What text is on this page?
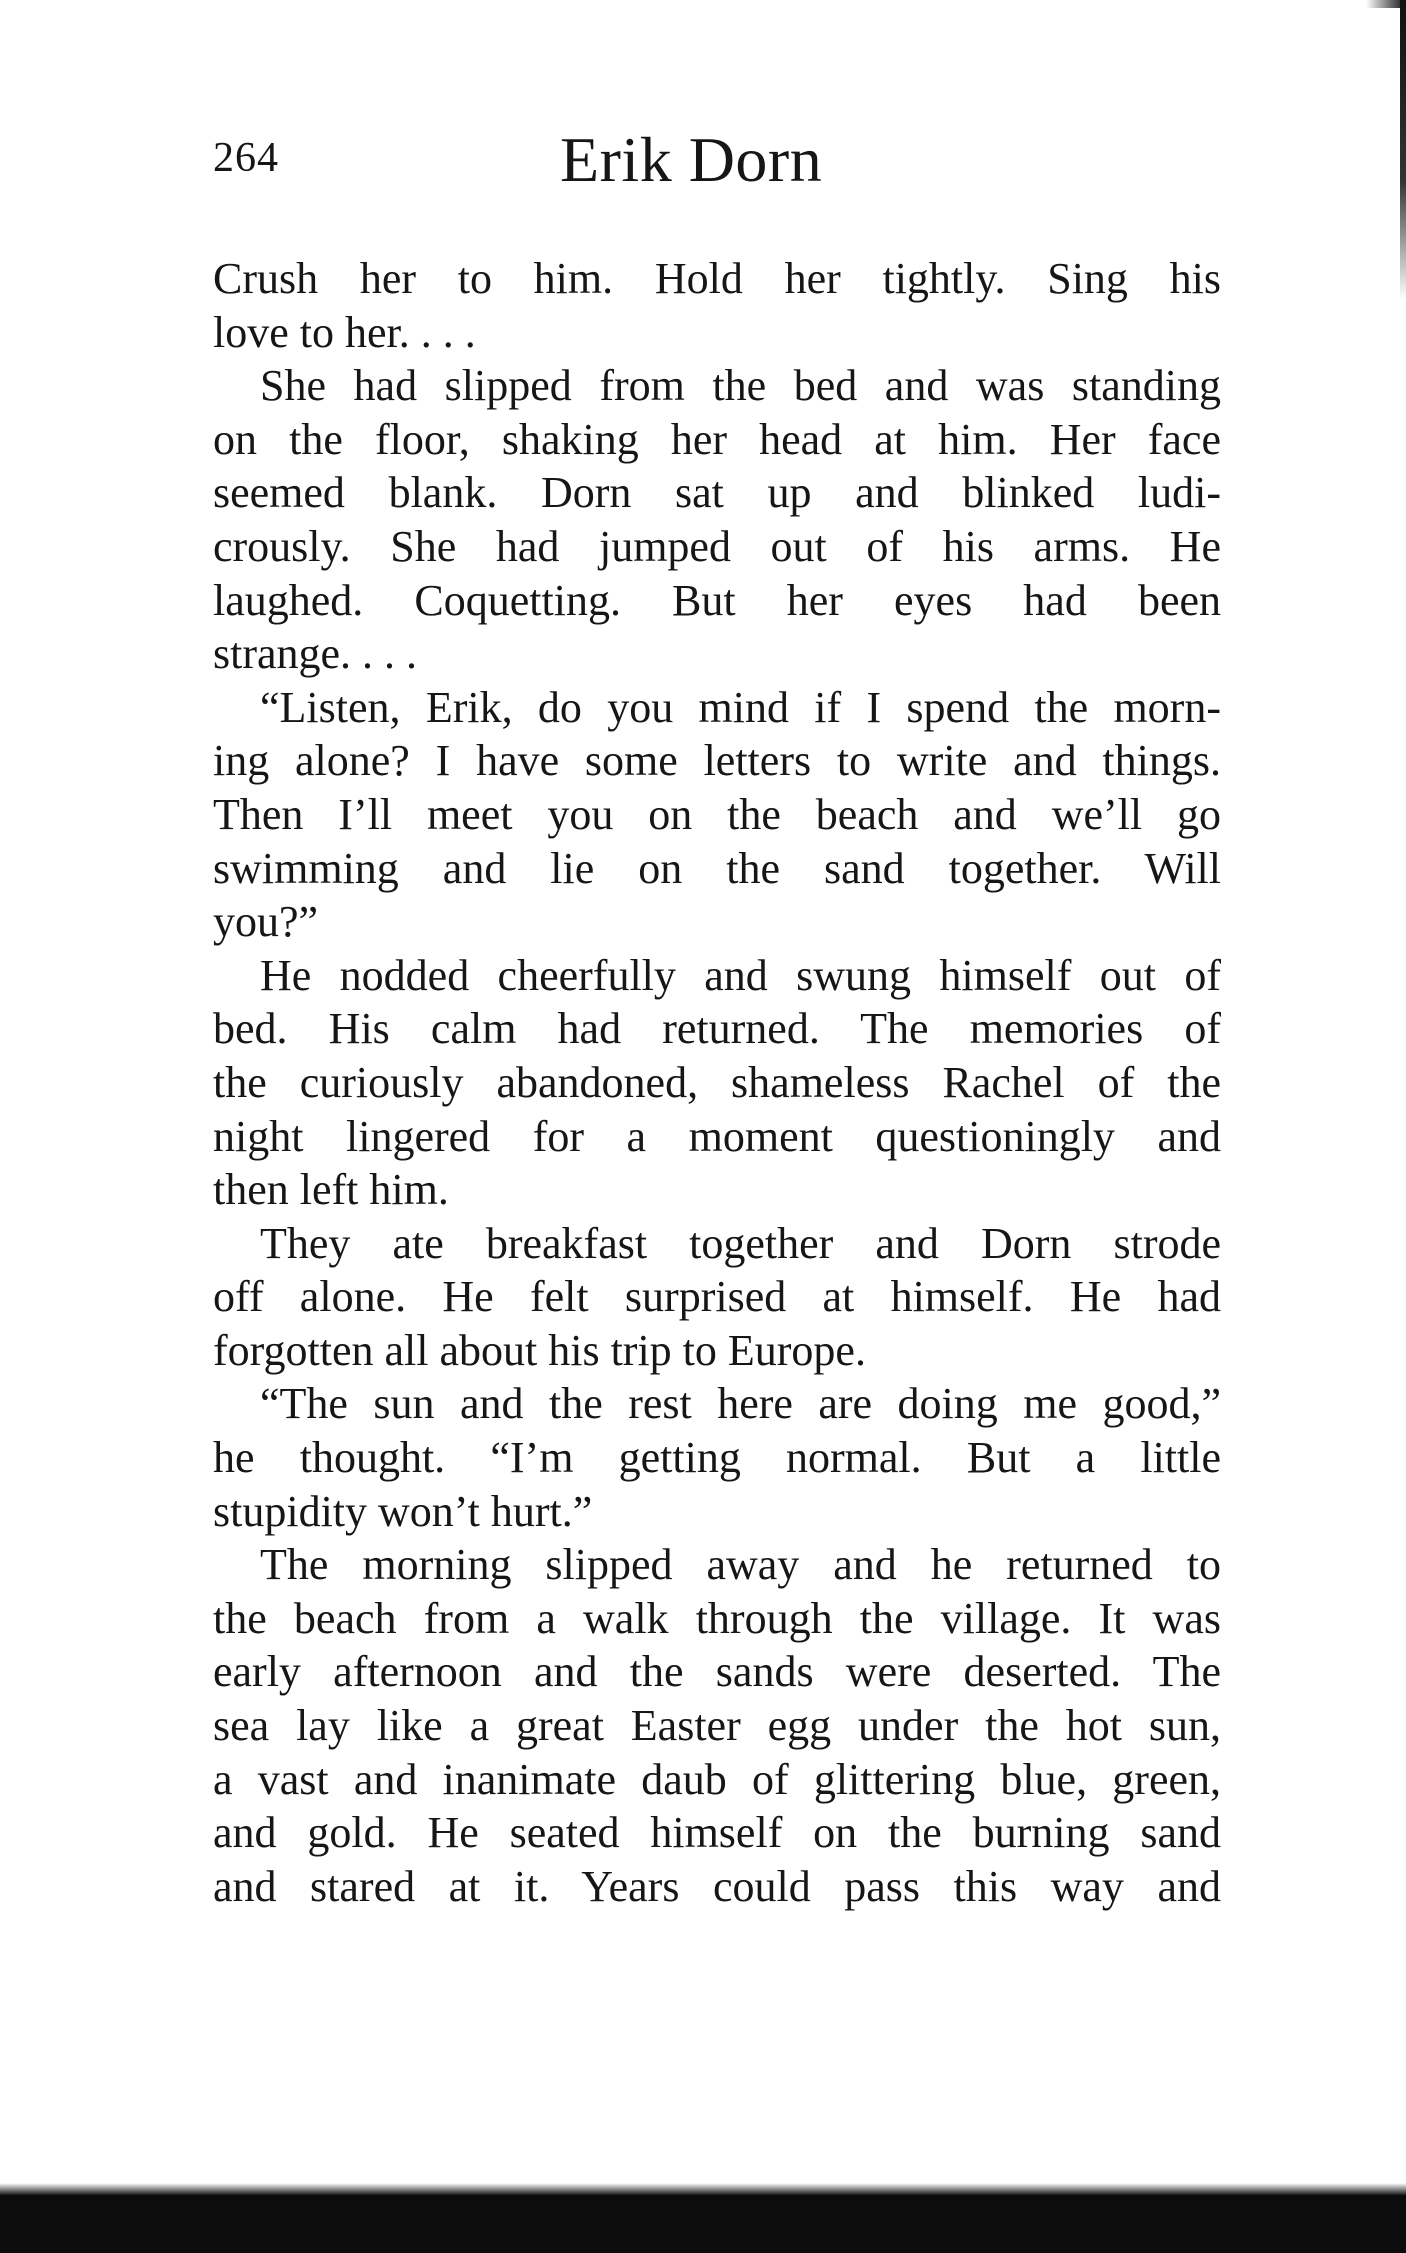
264	Erik Dorn
Crush her to him. Hold her tightly. Sing his
love to her. . . .
She had slipped from the bed and was standing
on the floor, shaking her head at him. Her face
seemed blank. Dorn sat up and blinked ludi-
crously. She had jumped out of his arms. He
laughed. Coquetting. But her eyes had been
strange. . . .
“Listen, Erik, do you mind if I spend the morn-
ing alone? I have some letters to write and things.
Then I’ll meet you on the beach and we’ll go
swimming and lie on the sand together. Will
you?”
He nodded cheerfully and swung himself out of
bed. His calm had returned. The memories of
the curiously abandoned, shameless Rachel of the
night lingered for a moment questioningly and
then left him.
They ate breakfast together and Dorn strode
off alone. He felt surprised at himself. He had
forgotten all about his trip to Europe.
“The sun and the rest here are doing me good,”
he thought. “I’m getting normal. But a little
stupidity won’t hurt.”
The morning slipped away and he returned to
the beach from a walk through the village. It was
early afternoon and the sands were deserted. The
sea lay like a great Easter egg under the hot sun,
a vast and inanimate daub of glittering blue, green,
and gold. He seated himself on the burning sand
and stared at it. Years could pass this way and
